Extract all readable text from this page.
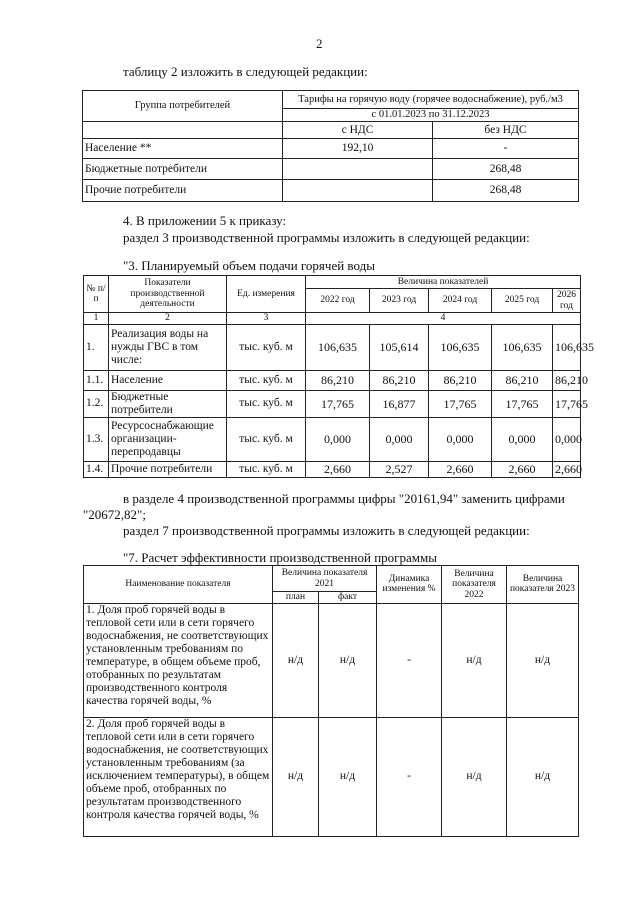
2
таблицу 2 изложить в следующей редакции:
Группа потребителей	Тарифы на горячую воду (горячее водоснабжение), руб./м3	
	с 01.01.2023 по 31.12.2023	
	с НДС	без НДС
Население **	192,10	-
Бюджетные потребители		268,48
Прочие потребители		268,48
4. В приложении 5 к приказу:
раздел 3 производственной программы изложить в следующей редакции:
"3. Планируемый объем подачи горячей воды
№ п/п	Показатели производственной деятельности	Ед. измерения	Величина показателей				
			2022 год	2023 год	2024 год	2025 год	2026 год
1	2	3	4				
1.	Реализация воды на нужды ГВС в том числе:	тыс. куб. м	106,635	105,614	106,635	106,635	106,635
1.1.	Население	тыс. куб. м	86,210	86,210	86,210	86,210	86,210
1.2.	Бюджетные потребители	тыс. куб. м	17,765	16,877	17,765	17,765	17,765
1.3.	Ресурсоснабжающие организации-перепродавцы	тыс. куб. м	0,000	0,000	0,000	0,000	0,000
1.4.	Прочие потребители	тыс. куб. м	2,660	2,527	2,660	2,660	2,660
в разделе 4 производственной программы цифры "20161,94" заменить цифрами
"20672,82";
раздел 7 производственной программы изложить в следующей редакции:
"7. Расчет эффективности производственной программы
Наименование показателя	Величина показателя 2021		Динамика изменения %	Величина показателя 2022	Величина показателя 2023
	план	факт			
1. Доля проб горячей воды в тепловой сети или в сети горячего водоснабжения, не соответствующих установленным требованиям по температуре, в общем объеме проб, отобранных по результатам производственного контроля качества горячей воды, %	н/д	н/д	-	н/д	н/д
2. Доля проб горячей воды в тепловой сети или в сети горячего водоснабжения, не соответствующих установленным требованиям (за исключением температуры), в общем объеме проб, отобранных по результатам производственного контроля качества горячей воды, %	н/д	н/д	-	н/д	н/д
